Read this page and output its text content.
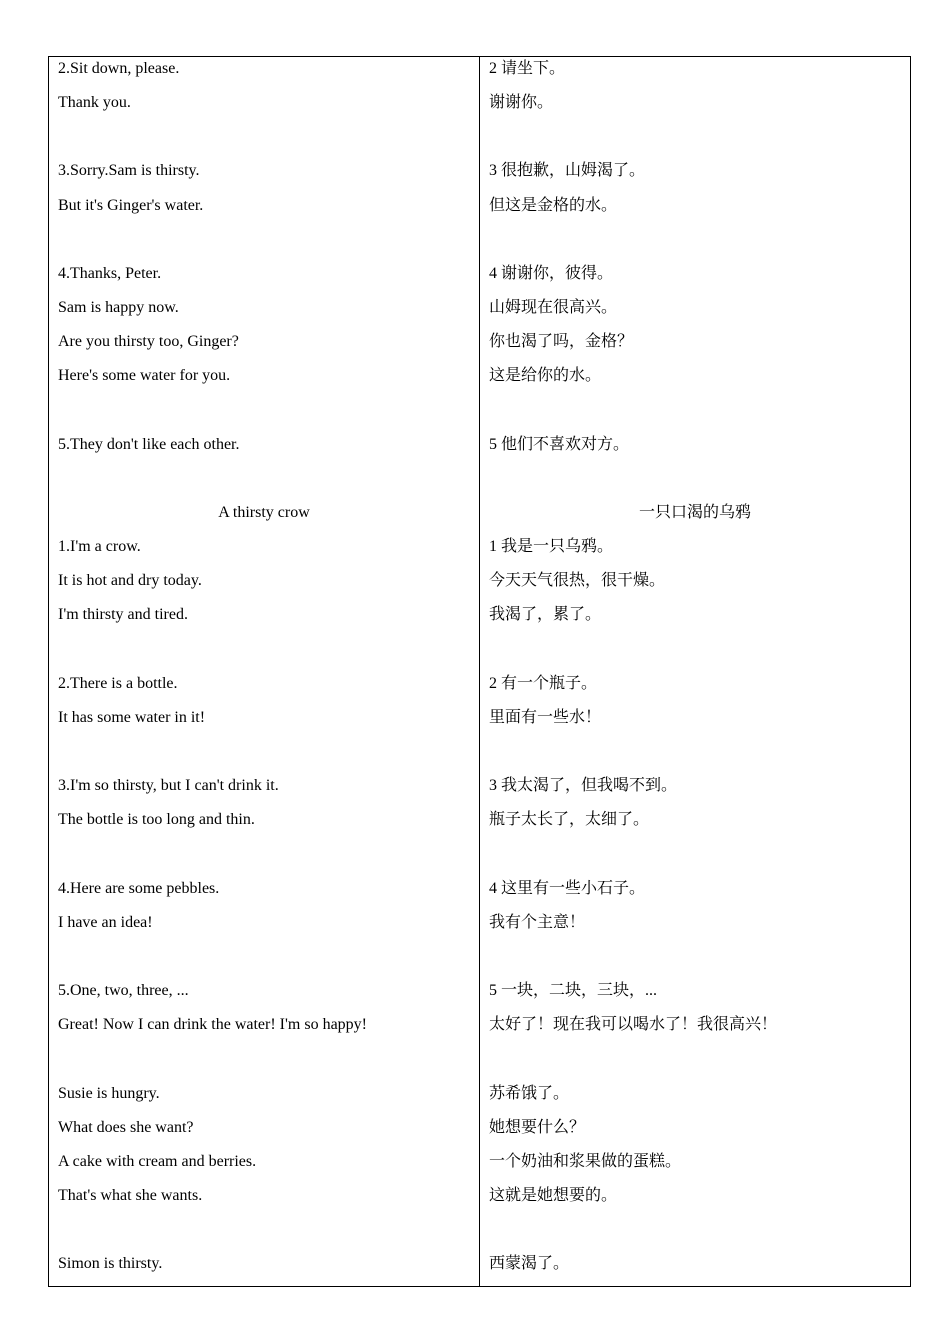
2.Sit down, please.
Thank you.
3.Sorry.Sam is thirsty.
But it's Ginger's water.
4.Thanks, Peter.
Sam is happy now.
Are you thirsty too, Ginger?
Here's some water for you.
5.They don't like each other.
A thirsty crow
1.I'm a crow.
It is hot and dry today.
I'm thirsty and tired.
2.There is a bottle.
It has some water in it!
3.I'm so thirsty, but I can't drink it.
The bottle is too long and thin.
4.Here are some pebbles.
I have an idea!
5.One, two, three, ...
Great! Now I can drink the water! I'm so happy!
Susie is hungry.
What does she want?
A cake with cream and berries.
That's what she wants.
Simon is thirsty.
2 请坐下。
谢谢你。
3 很抱歉，山姆渴了。
但这是金格的水。
4 谢谢你，彼得。
山姆现在很高兴。
你也渴了吗，金格？
这是给你的水。
5 他们不喜欢对方。
一只口渴的乌鸦
1 我是一只乌鸦。
今天天气很热，很干燥。
我渴了，累了。
2 有一个瓶子。
里面有一些水！
3 我太渴了，但我喝不到。
瓶子太长了，太细了。
4 这里有一些小石子。
我有个主意！
5 一块，二块，三块，...
太好了！现在我可以喝水了！我很高兴！
苏希饿了。
她想要什么？
一个奶油和浆果做的蛋糕。
这就是她想要的。
西蒙渴了。
